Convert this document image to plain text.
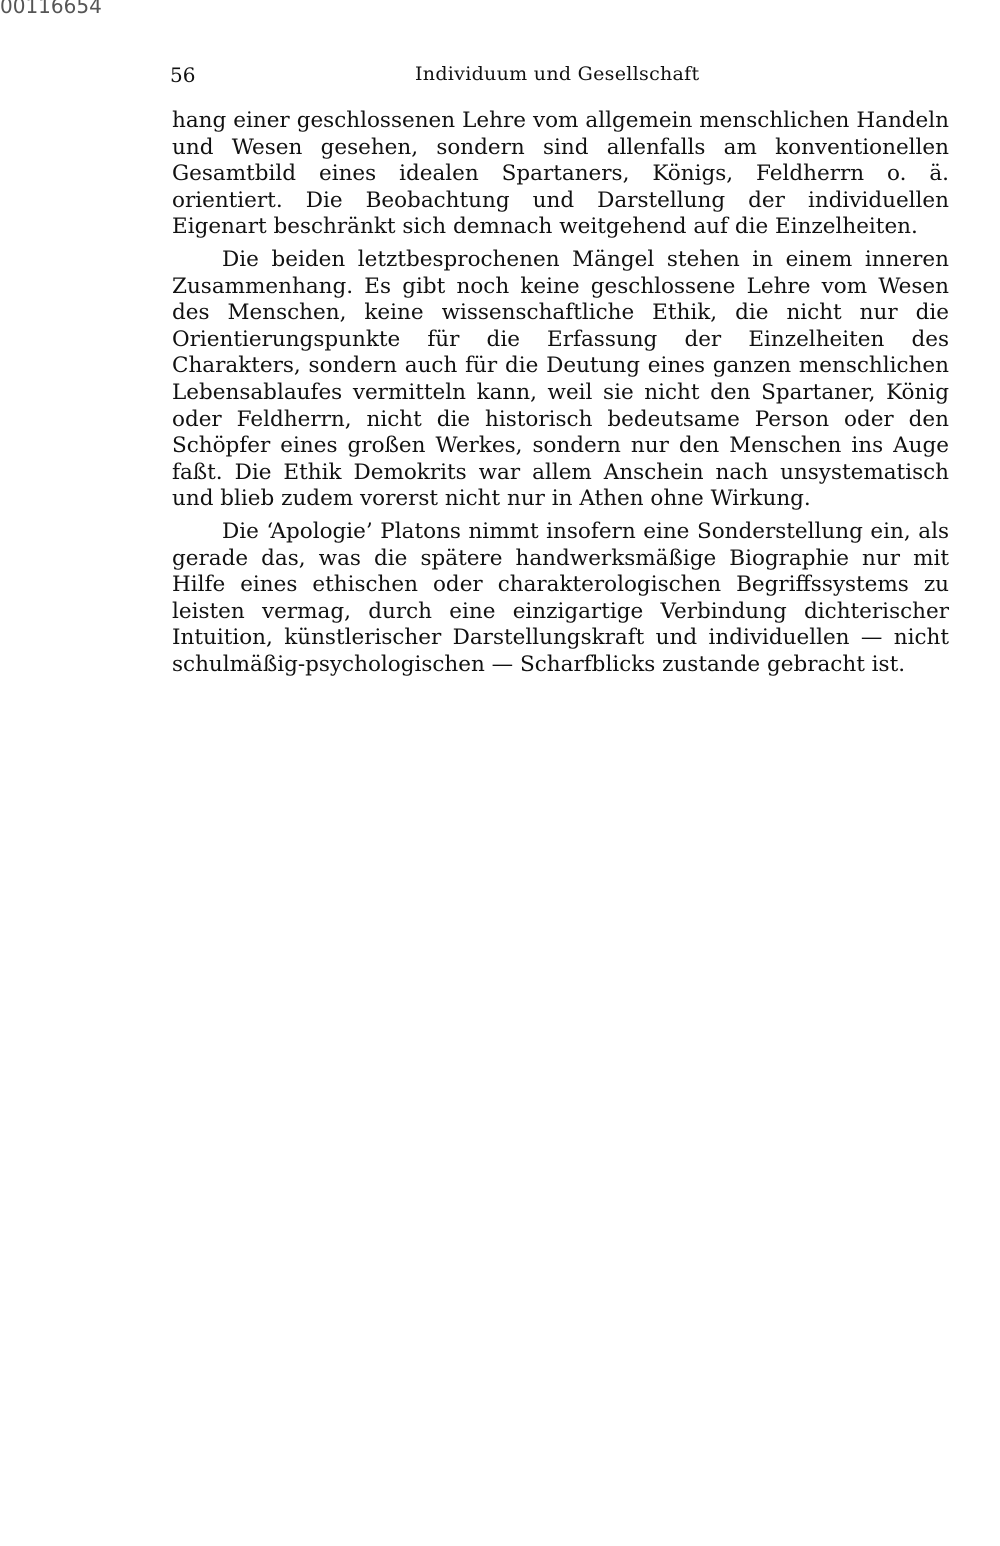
00116654
56	Individuum und Gesellschaft

hang einer geschlossenen Lehre vom allgemein menschlichen Handeln und Wesen gesehen, sondern sind allenfalls am konventionellen Gesamtbild eines idealen Spartaners, Königs, Feldherrn o. ä. orientiert. Die Beobachtung und Darstellung der individuellen Eigenart beschränkt sich demnach weitgehend auf die Einzelheiten.

Die beiden letztbesprochenen Mängel stehen in einem inneren Zusammenhang. Es gibt noch keine geschlossene Lehre vom Wesen des Menschen, keine wissenschaftliche Ethik, die nicht nur die Orientierungspunkte für die Erfassung der Einzelheiten des Charakters, sondern auch für die Deutung eines ganzen menschlichen Lebensablaufes vermitteln kann, weil sie nicht den Spartaner, König oder Feldherrn, nicht die historisch bedeutsame Person oder den Schöpfer eines großen Werkes, sondern nur den Menschen ins Auge faßt. Die Ethik Demokrits war allem Anschein nach unsystematisch und blieb zudem vorerst nicht nur in Athen ohne Wirkung.

Die ‘Apologie’ Platons nimmt insofern eine Sonderstellung ein, als gerade das, was die spätere handwerksmäßige Biographie nur mit Hilfe eines ethischen oder charakterologischen Begriffssystems zu leisten vermag, durch eine einzigartige Verbindung dichterischer Intuition, künstlerischer Darstellungskraft und individuellen — nicht schulmäßig-psychologischen — Scharfblicks zustande gebracht ist.
